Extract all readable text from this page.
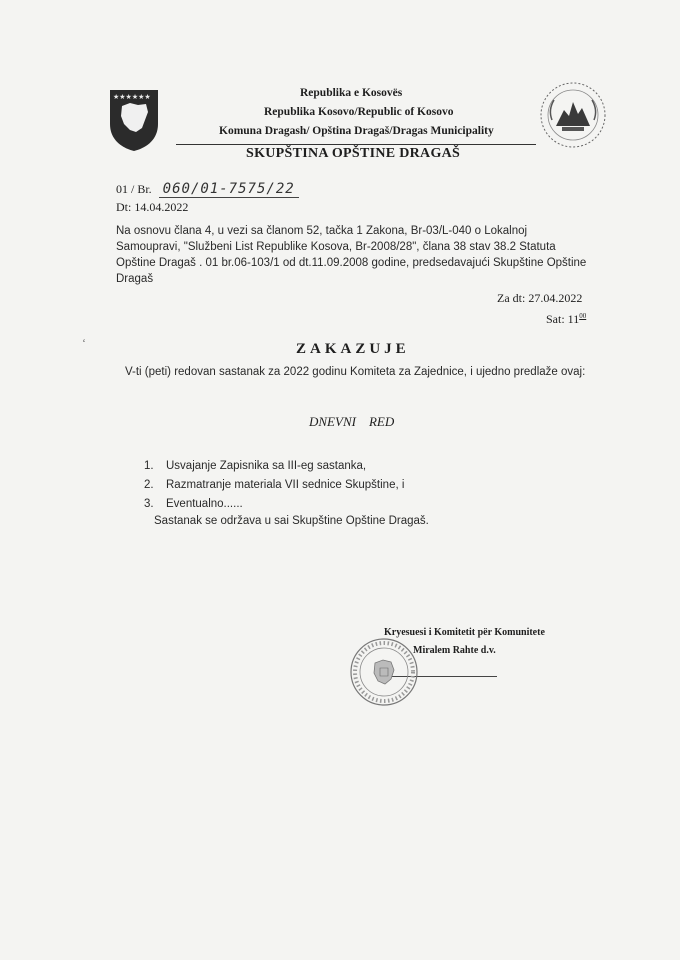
★★★★★★	Republika e Kosovës
Republika Kosovo/Republic of Kosovo
Komuna Dragash/ Opština Dragaš/Dragas Municipality
SKUPŠTINA OPŠTINE DRAGAŠ
01 / Br. 060/01-7575/22
Dt: 14.04.2022
Na osnovu člana 4, u vezi sa članom 52, tačka 1 Zakona, Br-03/L-040 o Lokalnoj
Samoupravi, "Službeni List Republike Kosova, Br-2008/28", člana 38 stav 38.2 Statuta
Opštine Dragaš . 01 br.06-103/1 od dt.11.09.2008 godine, predsedavajući Skupštine Opštine
Dragaš
Za dt: 27.04.2022
Sat: $11^{00}$
ʻ	ZAKAZUJE
V-ti (peti) redovan sastanak za 2022 godinu Komiteta za Zajednice, i ujedno predlaže ovaj:
DNEVNI    RED
1. Usvajanje Zapisnika sa III-eg sastanka,
2. Razmatranje materiala VII sednice Skupštine, i
3. Eventualno......
Sastanak se održava u sai Skupštine Opštine Dragaš.
Kryesuesi i Komitetit për Komunitete
Miralem Rahte d.v.
